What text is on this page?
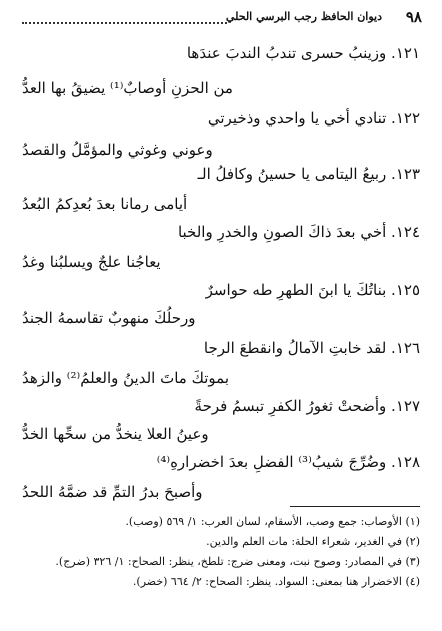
٩٨
ديوان الحافظ رجب البرسي الحلي
١٢١. وزينبُ حسرى تندبُ الندبَ عندَها
من الحزنِ أوصابٌ⁽¹⁾ يضيقُ بها العدُّ
١٢٢. تنادي أخي يا واحدي وذخيرتي
وعوني وغوثي والمؤمَّلُ والقصدُ
١٢٣. ربيعُ اليتامى يا حسينُ وكافلُ الـ
أيامى رمانا بعدَ بُعدِكمُ البُعدُ
١٢٤. أخي بعدَ ذاكَ الصونِ والخدرِ والخبا
يعاجُنا علجٌ ويسلبُنا وغدُ
١٢٥. بناتُكَ يا ابنَ الطهرِ طه حواسرٌ
ورحلُكَ منهوبٌ تقاسمهُ الجندُ
١٢٦. لقد خابتِ الآمالُ وانقطعَ الرجا
بموتكَ ماتَ الدينُ والعلمُ⁽²⁾ والزهدُ
١٢٧. وأضحتْ ثغورُ الكفرِ تبسمُ فرحةً
وعينُ العلا ينخدُّ من سحِّها الخدُّ
١٢٨. وضُرِّجَ شيبُ⁽³⁾ الفضلِ بعدَ اخضرارهِ⁽⁴⁾
وأصبحَ بدرُ التمِّ قد ضمَّهُ اللحدُ
(١) الأوصاب: جمع وصب، الأسقام، لسان العرب: ١/ ٥٦٩ (وصب).
(٢) في الغدير، شعراء الحلة: مات العلم والدين.
(٣) في المصادر: وصوح نبت، ومعنى ضرج: تلطخ، ينظر: الصحاح: ١/ ٣٢٦ (ضرج).
(٤) الاخضرار هنا بمعنى: السواد. ينظر: الصحاح: ٢/ ٦٦٤ (خضر).
